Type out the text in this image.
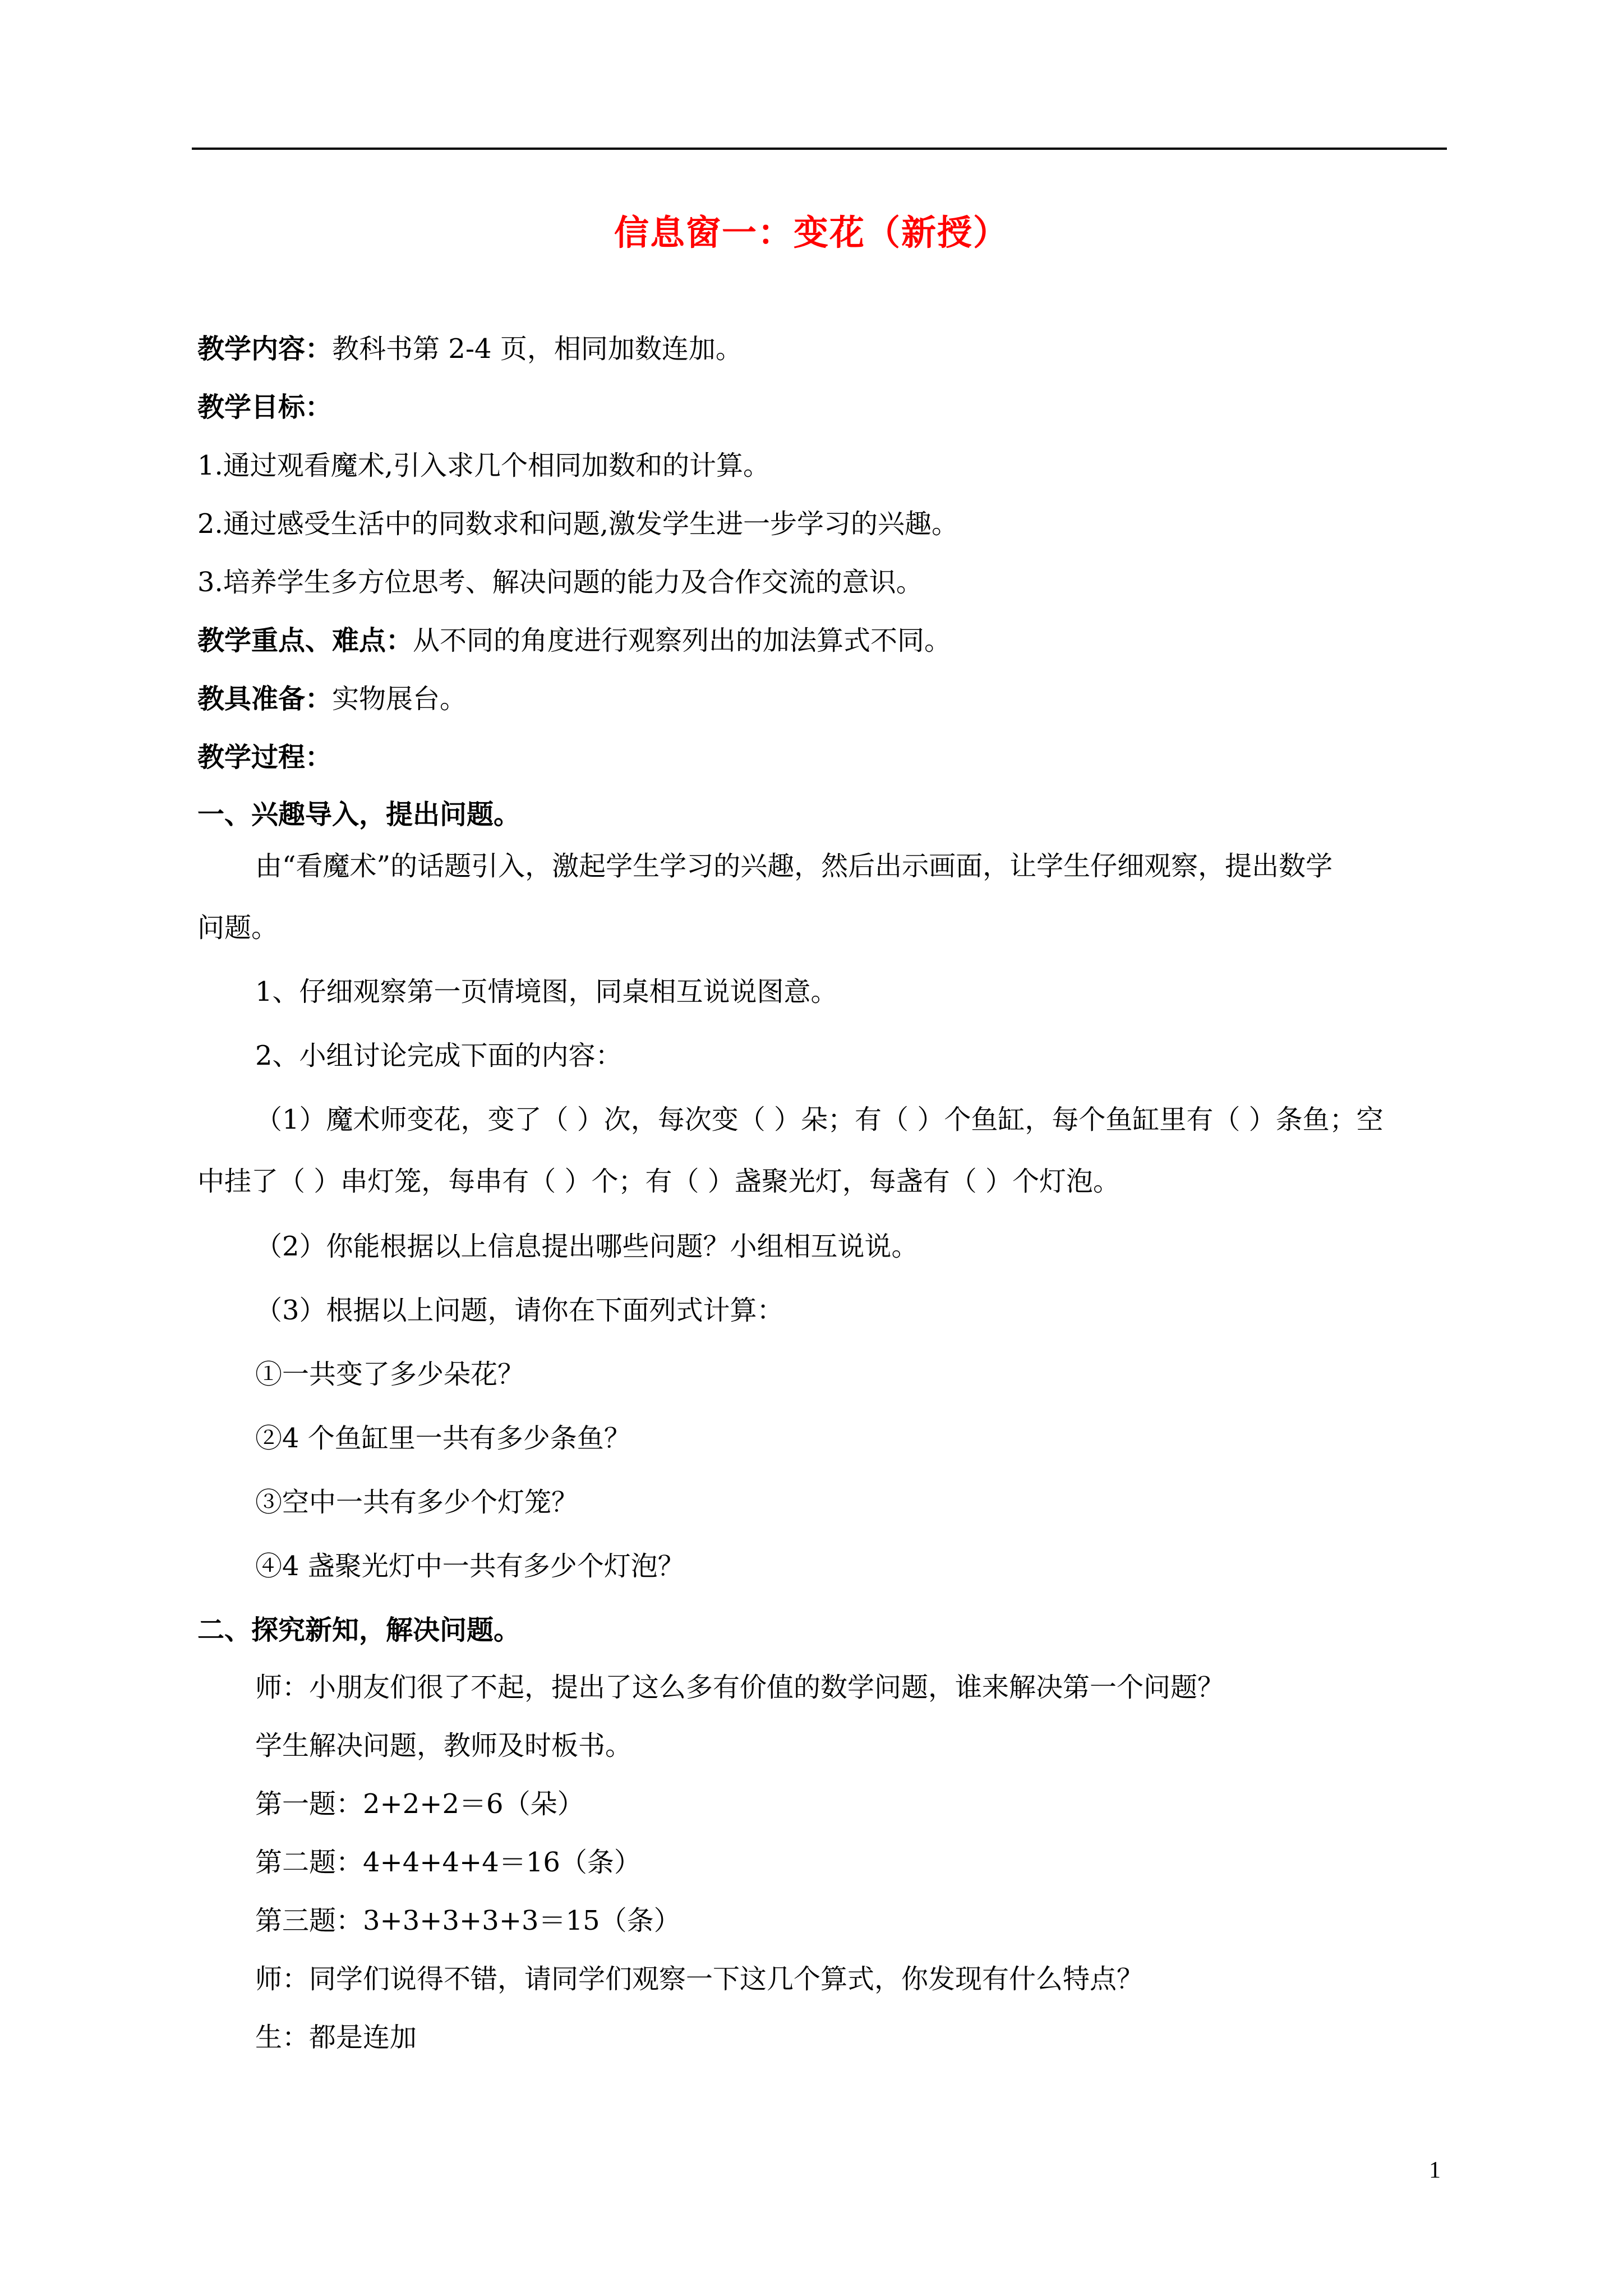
信息窗一：变花（新授）
教学内容：教科书第 2-4 页，相同加数连加。
教学目标：
1.通过观看魔术,引入求几个相同加数和的计算。
2.通过感受生活中的同数求和问题,激发学生进一步学习的兴趣。
3.培养学生多方位思考、解决问题的能力及合作交流的意识。
教学重点、难点：从不同的角度进行观察列出的加法算式不同。
教具准备：实物展台。
教学过程：
一、兴趣导入，提出问题。
由“看魔术”的话题引入，激起学生学习的兴趣，然后出示画面，让学生仔细观察，提出数学
问题。
1、仔细观察第一页情境图，同桌相互说说图意。
2、小组讨论完成下面的内容：
（1）魔术师变花，变了（ ）次，每次变（ ）朵；有（ ）个鱼缸，每个鱼缸里有（ ）条鱼；空
中挂了（ ）串灯笼，每串有（ ）个；有（ ）盏聚光灯，每盏有（ ）个灯泡。
（2）你能根据以上信息提出哪些问题？小组相互说说。
（3）根据以上问题，请你在下面列式计算：
①一共变了多少朵花？
②4 个鱼缸里一共有多少条鱼？
③空中一共有多少个灯笼？
④4 盏聚光灯中一共有多少个灯泡？
二、探究新知，解决问题。
师：小朋友们很了不起，提出了这么多有价值的数学问题，谁来解决第一个问题？
学生解决问题，教师及时板书。
第一题：2+2+2＝6（朵）
第二题：4+4+4+4＝16（条）
第三题：3+3+3+3+3＝15（条）
师：同学们说得不错，请同学们观察一下这几个算式，你发现有什么特点？
生：都是连加
1
